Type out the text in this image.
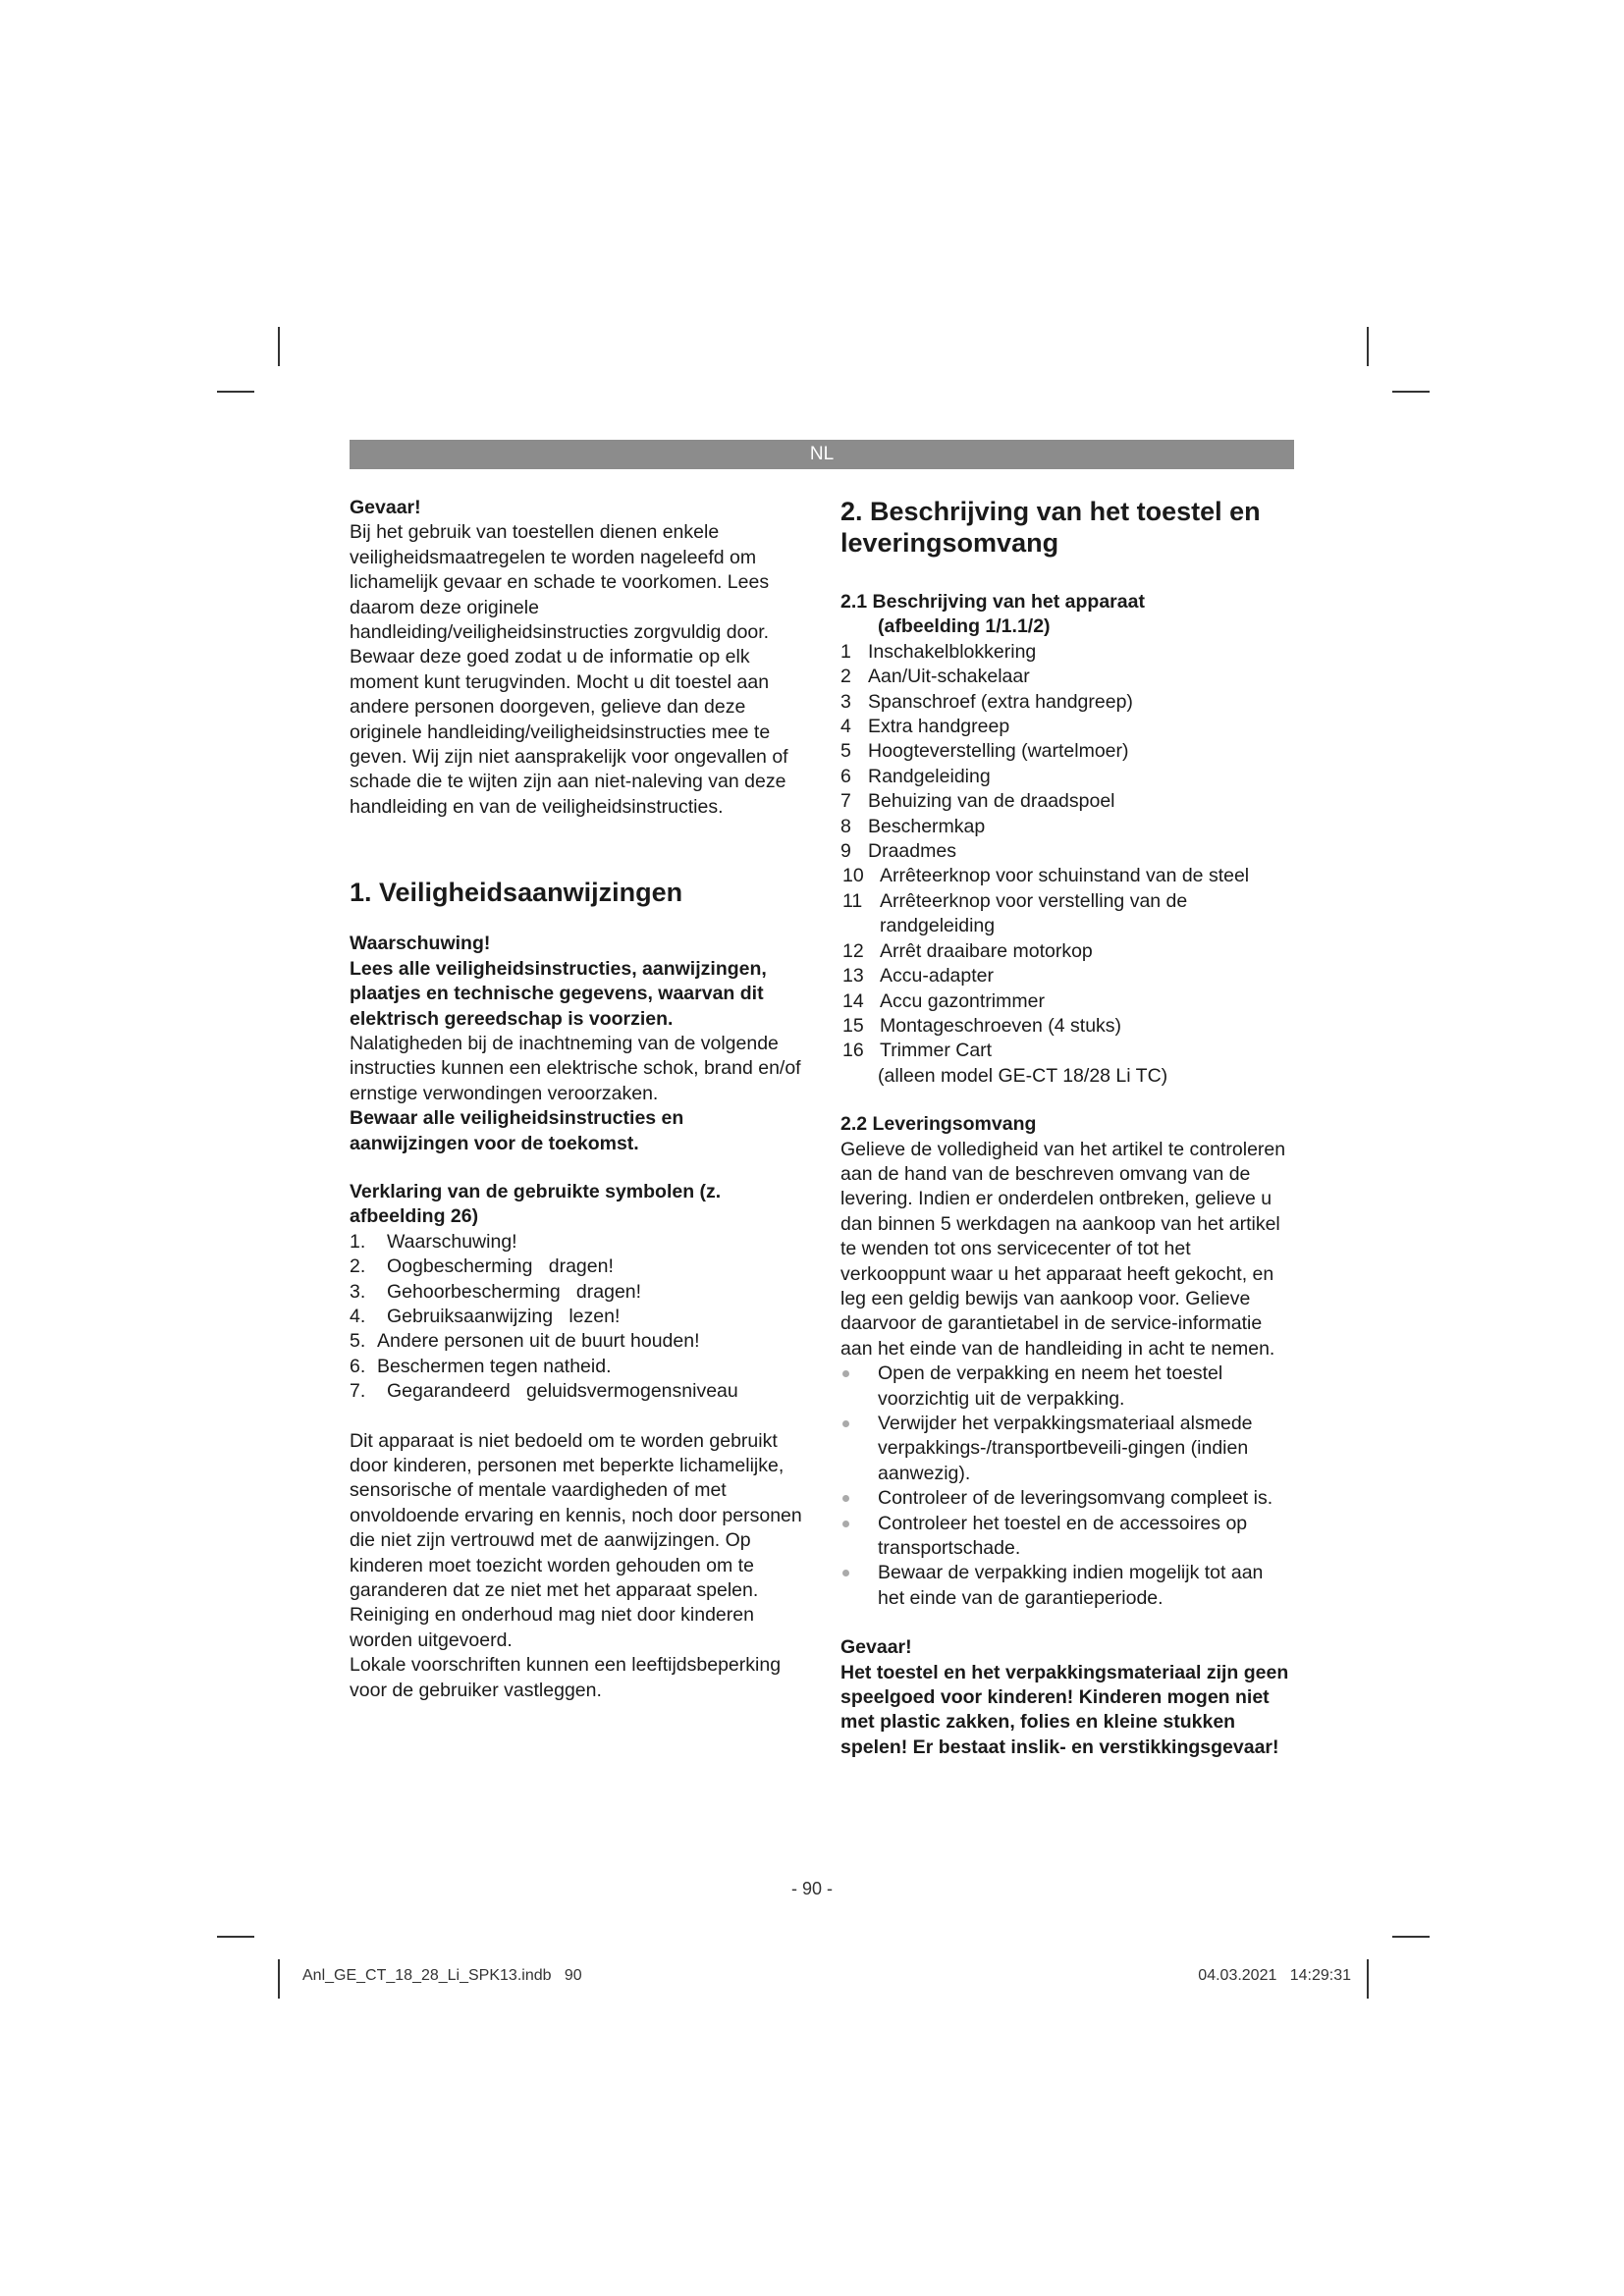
NL
Gevaar!

Bij het gebruik van toestellen dienen enkele veiligheidsmaatregelen te worden nageleefd om lichamelijk gevaar en schade te voorkomen. Lees daarom deze originele handleiding/veiligheidsinstructies zorgvuldig door. Bewaar deze goed zodat u de informatie op elk moment kunt terugvinden. Mocht u dit toestel aan andere personen doorgeven, gelieve dan deze originele handleiding/veiligheidsinstructies mee te geven. Wij zijn niet aansprakelijk voor ongevallen of schade die te wijten zijn aan niet-naleving van deze handleiding en van de veiligheidsinstructies.

1. Veiligheidsaanwijzingen
Waarschuwing!

Lees alle veiligheidsinstructies, aanwijzingen, plaatjes en technische gegevens, waarvan dit elektrisch gereedschap is voorzien.

Nalatigheden bij de inachtneming van de volgende instructies kunnen een elektrische schok, brand en/of ernstige verwondingen veroorzaken.

Bewaar alle veiligheidsinstructies en aanwijzingen voor de toekomst.

Verklaring van de gebruikte symbolen (z. afbeelding 26)
1. Waarschuwing!
2. Oogbescherming   dragen!
3. Gehoorbescherming   dragen!
4. Gebruiksaanwijzing   lezen!
5. Andere personen uit de buurt houden!
6. Beschermen tegen natheid.
7. Gegarandeerd   geluidsvermogensniveau

Dit apparaat is niet bedoeld om te worden gebruikt door kinderen, personen met beperkte lichamelijke, sensorische of mentale vaardigheden of met onvoldoende ervaring en kennis, noch door personen die niet zijn vertrouwd met de aanwijzingen. Op kinderen moet toezicht worden gehouden om te garanderen dat ze niet met het apparaat spelen. Reiniging en onderhoud mag niet door kinderen worden uitgevoerd.

Lokale voorschriften kunnen een leeftijdsbeperking voor de gebruiker vastleggen.

2. Beschrijving van het toestel en leveringsomvang
2.1 Beschrijving van het apparaat
(afbeelding 1/1.1/2)
1 Inschakelblokkering
2 Aan/Uit-schakelaar
3 Spanschroef (extra handgreep)
4 Extra handgreep
5 Hoogteverstelling (wartelmoer)
6 Randgeleiding
7 Behuizing van de draadspoel
8 Beschermkap
9 Draadmes
10 Arrêteerknop voor schuinstand van de steel
11 Arrêteerknop voor verstelling van de randgeleiding
12 Arrêt draaibare motorkop
13 Accu-adapter
14 Accu gazontrimmer
15 Montageschroeven (4 stuks)
16 Trimmer Cart

(alleen model GE-CT 18/28 Li TC)

2.2 Leveringsomvang

Gelieve de volledigheid van het artikel te controleren aan de hand van de beschreven omvang van de levering. Indien er onderdelen ontbreken, gelieve u dan binnen 5 werkdagen na aankoop van het artikel te wenden tot ons servicecenter of tot het verkooppunt waar u het apparaat heeft gekocht, en leg een geldig bewijs van aankoop voor. Gelieve daarvoor de garantietabel in de service-informatie aan het einde van de handleiding in acht te nemen.

Open de verpakking en neem het toestel voorzichtig uit de verpakking.
Verwijder het verpakkingsmateriaal alsmede verpakkings-/transportbeveili-gingen (indien aanwezig).
Controleer of de leveringsomvang compleet is.
Controleer het toestel en de accessoires op transportschade.
Bewaar de verpakking indien mogelijk tot aan het einde van de garantieperiode.
Gevaar!

Het toestel en het verpakkingsmateriaal zijn geen speelgoed voor kinderen! Kinderen mogen niet met plastic zakken, folies en kleine stukken spelen! Er bestaat inslik- en verstikkingsgevaar!

- 90 -
Anl_GE_CT_18_28_Li_SPK13.indb   90	04.03.2021   14:29:31
